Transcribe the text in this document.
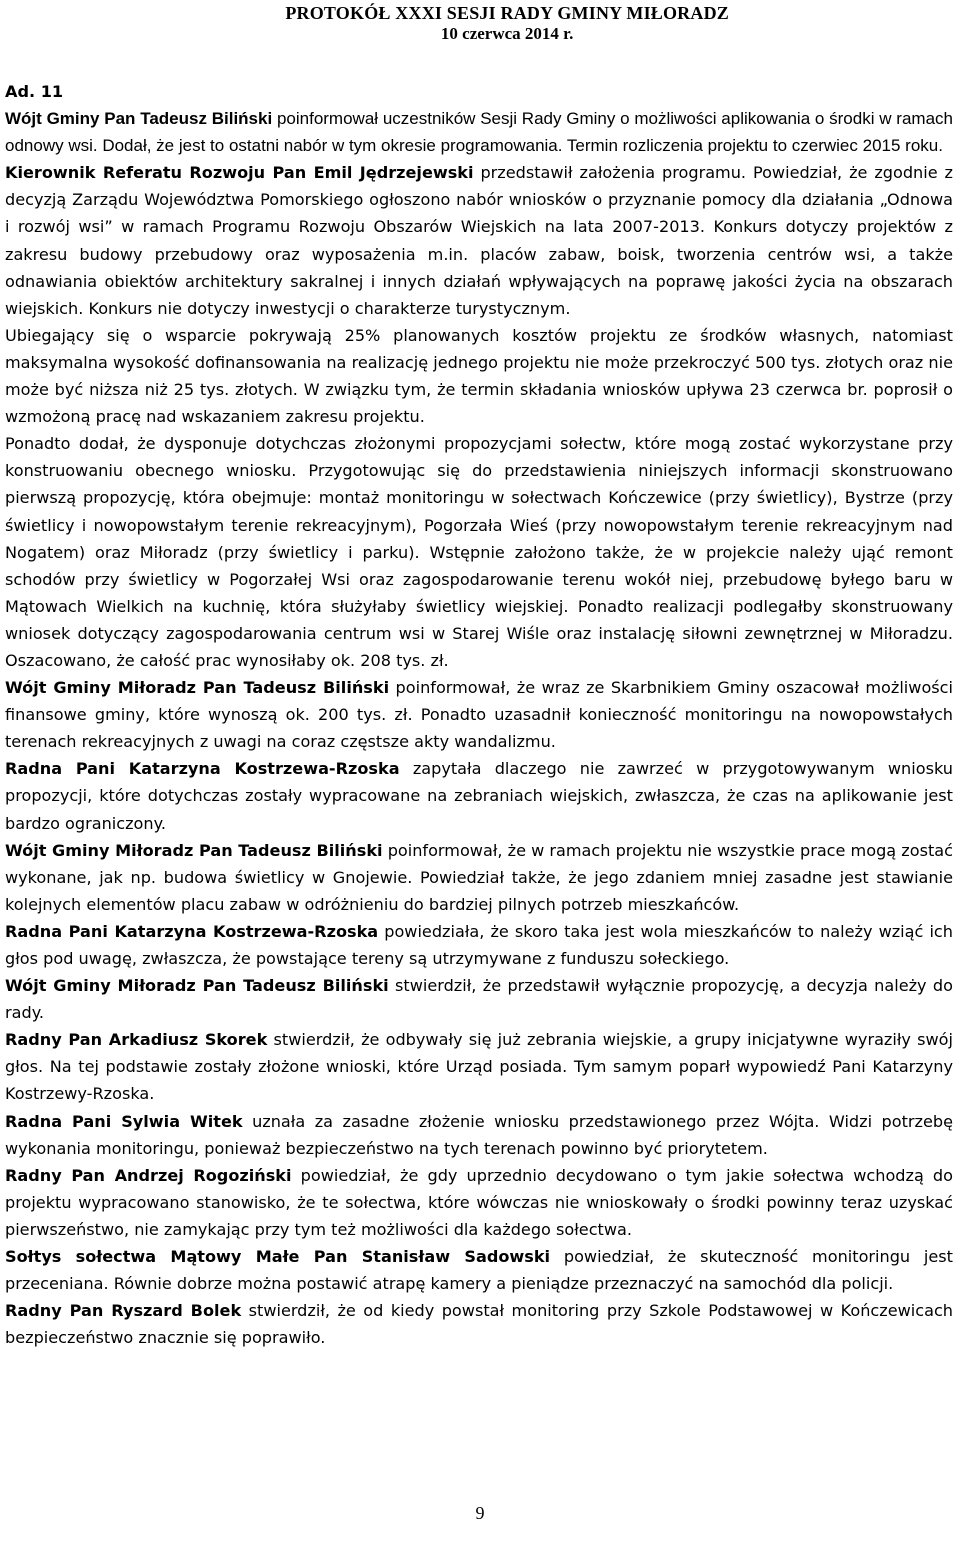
PROTOKÓŁ XXXI SESJI RADY GMINY MIŁORADZ
10 czerwca 2014 r.

Ad. 11

Wójt Gminy Pan Tadeusz Biliński poinformował uczestników Sesji Rady Gminy o możliwości aplikowania o środki w ramach odnowy wsi. Dodał, że jest to ostatni nabór w tym okresie programowania. Termin rozliczenia projektu to czerwiec 2015 roku.

Kierownik Referatu Rozwoju Pan Emil Jędrzejewski przedstawił założenia programu. Powiedział, że zgodnie z decyzją Zarządu Województwa Pomorskiego ogłoszono nabór wniosków o przyznanie pomocy dla działania „Odnowa i rozwój wsi” w ramach Programu Rozwoju Obszarów Wiejskich na lata 2007-2013. Konkurs dotyczy projektów z zakresu budowy przebudowy oraz wyposażenia m.in. placów zabaw, boisk, tworzenia centrów wsi, a także odnawiania obiektów architektury sakralnej i innych działań wpływających na poprawę jakości życia na obszarach wiejskich. Konkurs nie dotyczy inwestycji o charakterze turystycznym.

Ubiegający się o wsparcie pokrywają 25% planowanych kosztów projektu ze środków własnych, natomiast maksymalna wysokość dofinansowania na realizację jednego projektu nie może przekroczyć 500 tys. złotych oraz nie może być niższa niż 25 tys. złotych. W związku tym, że termin składania wniosków upływa 23 czerwca br. poprosił o wzmożoną pracę nad wskazaniem zakresu projektu.

Ponadto dodał, że dysponuje dotychczas złożonymi propozycjami sołectw, które mogą zostać wykorzystane przy konstruowaniu obecnego wniosku. Przygotowując się do przedstawienia niniejszych informacji skonstruowano pierwszą propozycję, która obejmuje: montaż monitoringu w sołectwach Kończewice (przy świetlicy), Bystrze (przy świetlicy i nowopowstałym terenie rekreacyjnym), Pogorzała Wieś (przy nowopowstałym terenie rekreacyjnym nad Nogatem) oraz Miłoradz (przy świetlicy i parku). Wstępnie założono także, że w projekcie należy ująć remont schodów przy świetlicy w Pogorzałej Wsi oraz zagospodarowanie terenu wokół niej, przebudowę byłego baru w Mątowach Wielkich na kuchnię, która służyłaby świetlicy wiejskiej. Ponadto realizacji podlegałby skonstruowany wniosek dotyczący zagospodarowania centrum wsi w Starej Wiśle oraz instalację siłowni zewnętrznej w Miłoradzu. Oszacowano, że całość prac wynosiłaby ok. 208 tys. zł.

Wójt Gminy Miłoradz Pan Tadeusz Biliński poinformował, że wraz ze Skarbnikiem Gminy oszacował możliwości finansowe gminy, które wynoszą ok. 200 tys. zł. Ponadto uzasadnił konieczność monitoringu na nowopowstałych terenach rekreacyjnych z uwagi na coraz częstsze akty wandalizmu.

Radna Pani Katarzyna Kostrzewa-Rzoska zapytała dlaczego nie zawrzeć w przygotowywanym wniosku propozycji, które dotychczas zostały wypracowane na zebraniach wiejskich, zwłaszcza, że czas na aplikowanie jest bardzo ograniczony.

Wójt Gminy Miłoradz Pan Tadeusz Biliński poinformował, że w ramach projektu nie wszystkie prace mogą zostać wykonane, jak np. budowa świetlicy w Gnojewie. Powiedział także, że jego zdaniem mniej zasadne jest stawianie kolejnych elementów placu zabaw w odróżnieniu do bardziej pilnych potrzeb mieszkańców.

Radna Pani Katarzyna Kostrzewa-Rzoska powiedziała, że skoro taka jest wola mieszkańców to należy wziąć ich głos pod uwagę, zwłaszcza, że powstające tereny są utrzymywane z funduszu sołeckiego.

Wójt Gminy Miłoradz Pan Tadeusz Biliński stwierdził, że przedstawił wyłącznie propozycję, a decyzja należy do rady.

Radny Pan Arkadiusz Skorek stwierdził, że odbywały się już zebrania wiejskie, a grupy inicjatywne wyraziły swój głos. Na tej podstawie zostały złożone wnioski, które Urząd posiada. Tym samym poparł wypowiedź Pani Katarzyny Kostrzewy-Rzoska.

Radna Pani Sylwia Witek uznała za zasadne złożenie wniosku przedstawionego przez Wójta. Widzi potrzebę wykonania monitoringu, ponieważ bezpieczeństwo na tych terenach powinno być priorytetem.

Radny Pan Andrzej Rogoziński powiedział, że gdy uprzednio decydowano o tym jakie sołectwa wchodzą do projektu wypracowano stanowisko, że te sołectwa, które wówczas nie wnioskowały o środki powinny teraz uzyskać pierwszeństwo, nie zamykając przy tym też możliwości dla każdego sołectwa.

Sołtys sołectwa Mątowy Małe Pan Stanisław Sadowski powiedział, że skuteczność monitoringu jest przeceniana. Równie dobrze można postawić atrapę kamery a pieniądze przeznaczyć na samochód dla policji.

Radny Pan Ryszard Bolek stwierdził, że od kiedy powstał monitoring przy Szkole Podstawowej w Kończewicach bezpieczeństwo znacznie się poprawiło.

9
